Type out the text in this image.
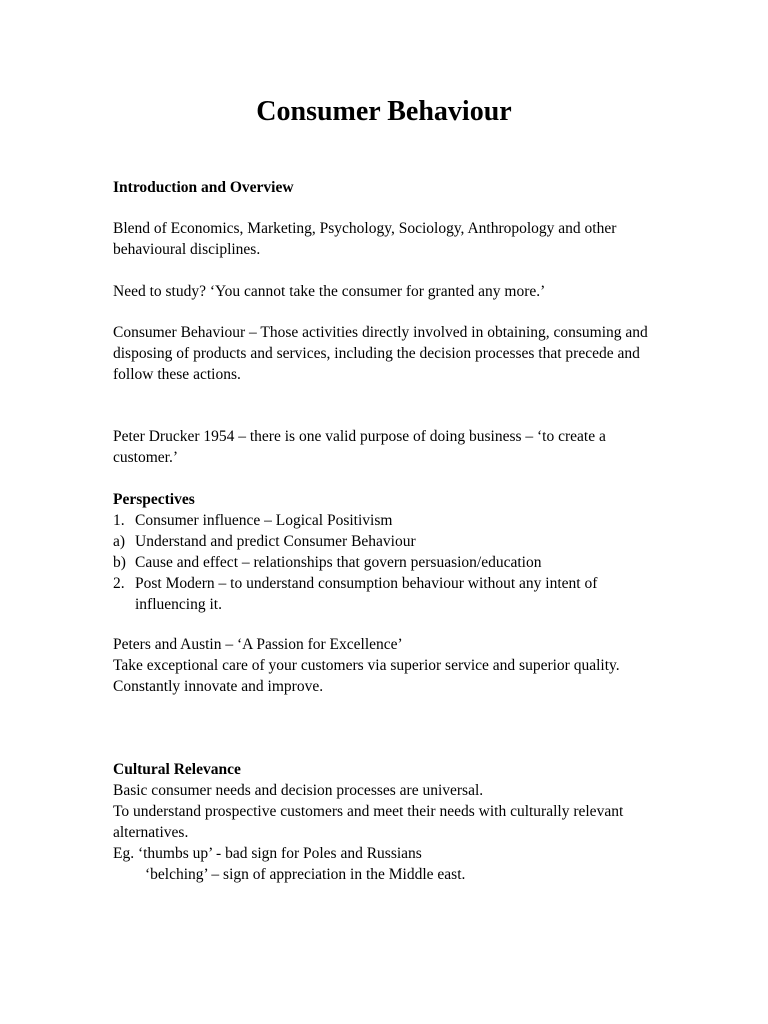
Consumer Behaviour

Introduction and Overview

Blend of Economics, Marketing, Psychology, Sociology, Anthropology and other behavioural disciplines.

Need to study? ‘You cannot take the consumer for granted any more.’

Consumer Behaviour – Those activities directly involved in obtaining, consuming and disposing of products and services, including the decision processes that precede and follow these actions.

Peter Drucker 1954 – there is one valid purpose of doing business – ‘to create a customer.’

Perspectives
1. Consumer influence – Logical Positivism
a) Understand and predict Consumer Behaviour
b) Cause and effect – relationships that govern persuasion/education
2. Post Modern – to understand consumption behaviour without any intent of influencing it.
Peters and Austin – ‘A Passion for Excellence’
Take exceptional care of your customers via superior service and superior quality.
Constantly innovate and improve.
Cultural Relevance
Basic consumer needs and decision processes are universal.
To understand prospective customers and meet their needs with culturally relevant alternatives.
Eg. ‘thumbs up’ - bad sign for Poles and Russians
‘belching’ – sign of appreciation in the Middle east.
